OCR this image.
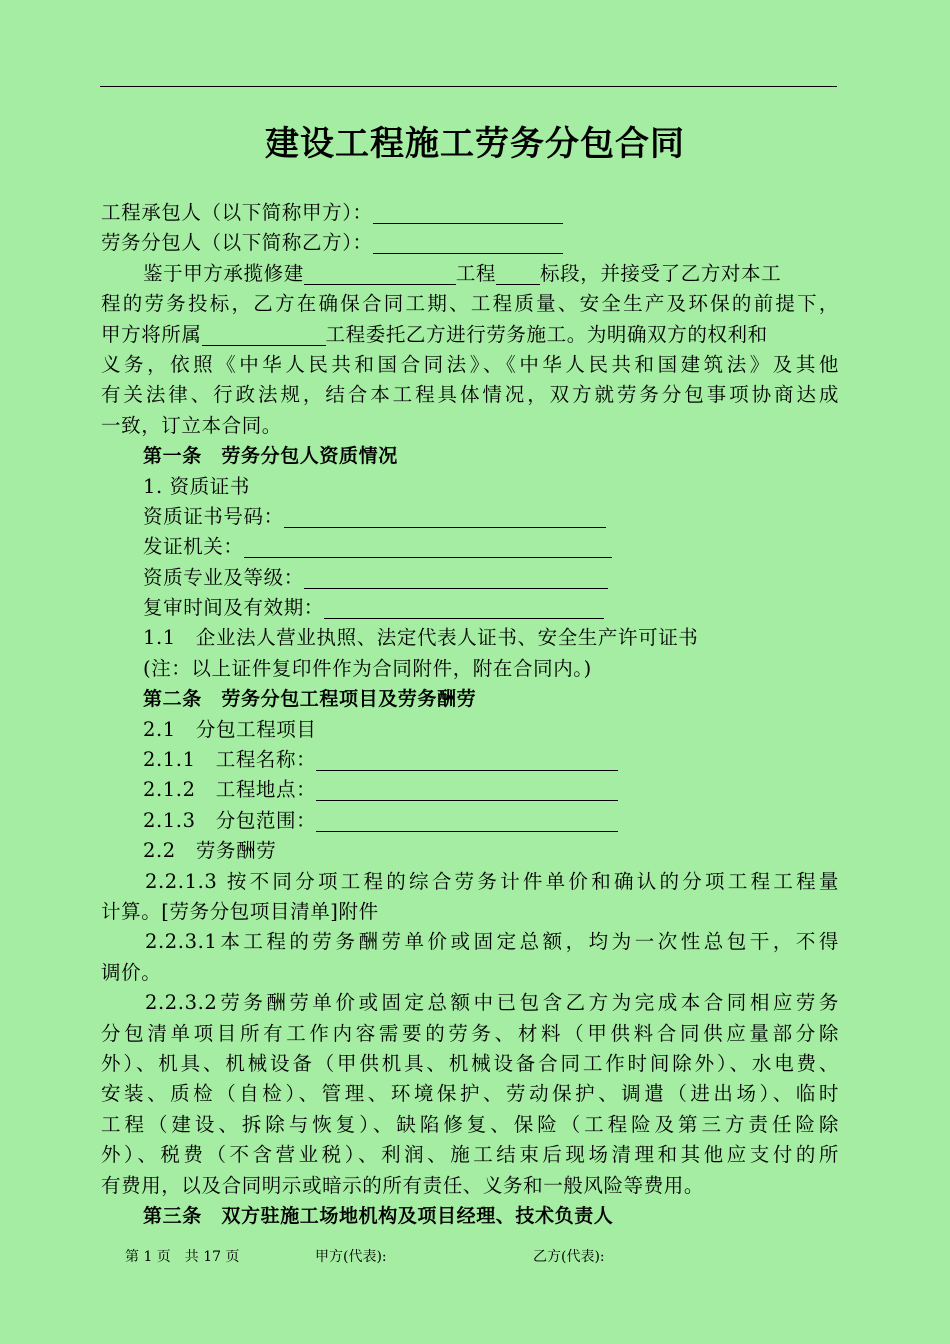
建设工程施工劳务分包合同
工程承包人（以下简称甲方）：
劳务分包人（以下简称乙方）：
鉴于甲方承揽修建	工程 标段，并接受了乙方对本工
程的劳务投标，乙方在确保合同工期、工程质量、安全生产及环保的前提下，
甲方将所属	工程委托乙方进行劳务施工。为明确双方的权利和
义务，依照《中华人民共和国合同法》、《中华人民共和国建筑法》及其他
有关法律、行政法规，结合本工程具体情况，双方就劳务分包事项协商达成
一致，订立本合同。
第一条　劳务分包人资质情况
1. 资质证书
资质证书号码：
发证机关：
资质专业及等级：
复审时间及有效期：
1.1　企业法人营业执照、法定代表人证书、安全生产许可证书
(注：以上证件复印件作为合同附件，附在合同内。)
第二条　劳务分包工程项目及劳务酬劳
2.1　分包工程项目
2.1.1　工程名称：
2.1.2　工程地点：
2.1.3　分包范围：
2.2　劳务酬劳
2.2.1.3 按不同分项工程的综合劳务计件单价和确认的分项工程工程量
计算。[劳务分包项目清单]附件
2.2.3.1本工程的劳务酬劳单价或固定总额，均为一次性总包干，不得
调价。
2.2.3.2劳务酬劳单价或固定总额中已包含乙方为完成本合同相应劳务
分包清单项目所有工作内容需要的劳务、材料（甲供料合同供应量部分除
外）、机具、机械设备（甲供机具、机械设备合同工作时间除外）、水电费、
安装、质检（自检）、管理、环境保护、劳动保护、调遣（进出场）、临时
工程（建设、拆除与恢复）、缺陷修复、保险（工程险及第三方责任险除
外）、税费（不含营业税）、利润、施工结束后现场清理和其他应支付的所
有费用，以及合同明示或暗示的所有责任、义务和一般风险等费用。
第三条　双方驻施工场地机构及项目经理、技术负责人
第 1 页　共 17 页	甲方(代表):	乙方(代表):
